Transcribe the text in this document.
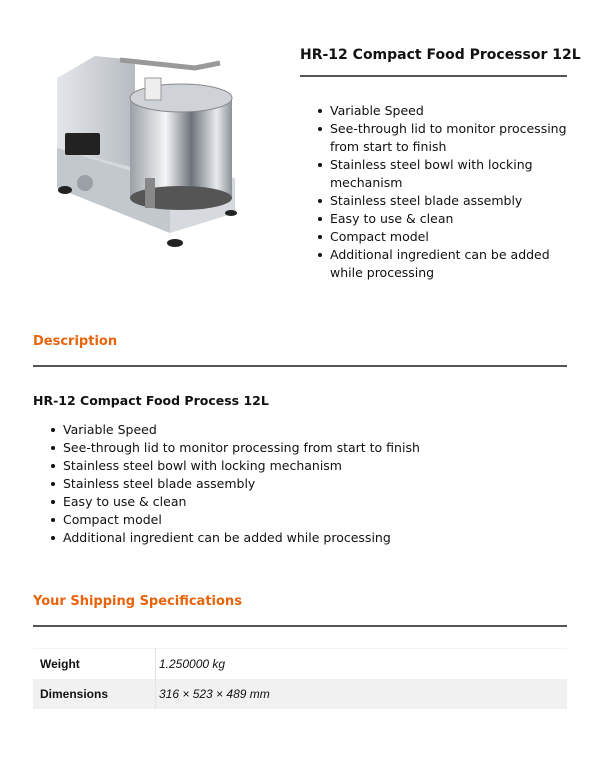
HR-12 Compact Food Processor 12L
Variable Speed
See-through lid to monitor processing from start to finish
Stainless steel bowl with locking mechanism
Stainless steel blade assembly
Easy to use & clean
Compact model
Additional ingredient can be added while processing
Description
HR-12 Compact Food Process 12L
Variable Speed
See-through lid to monitor processing from start to finish
Stainless steel bowl with locking mechanism
Stainless steel blade assembly
Easy to use & clean
Compact model
Additional ingredient can be added while processing
Your Shipping Specifications
Weight	1.250000 kg
Dimensions	316 × 523 × 489 mm
